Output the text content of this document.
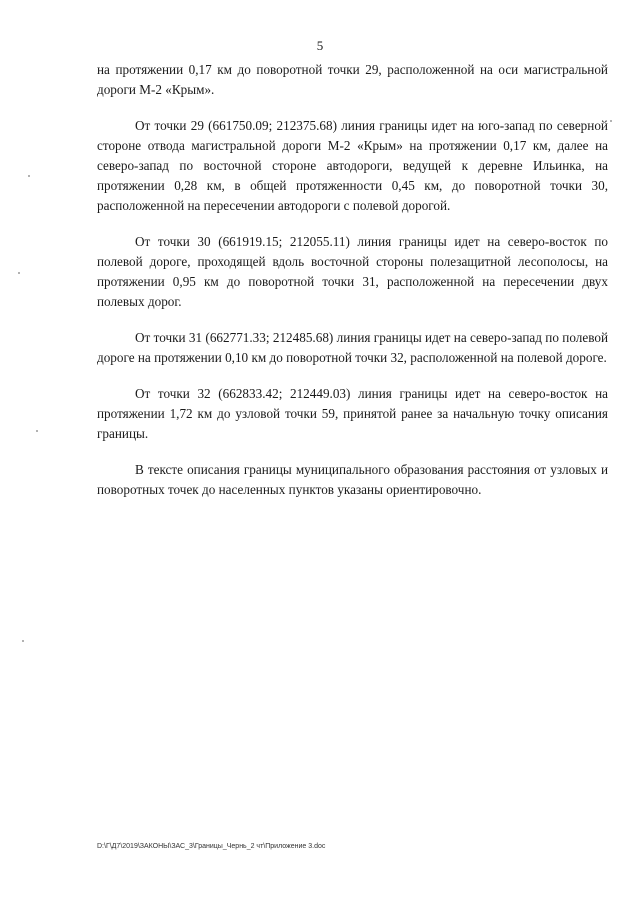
5

на протяжении 0,17 км до поворотной точки 29, расположенной на оси магистральной дороги М-2 «Крым».

От точки 29 (661750.09; 212375.68) линия границы идет на юго-запад по северной стороне отвода магистральной дороги М-2 «Крым» на протяжении 0,17 км, далее на северо-запад по восточной стороне автодороги, ведущей к деревне Ильинка, на протяжении 0,28 км, в общей протяженности 0,45 км, до поворотной точки 30, расположенной на пересечении автодороги с полевой дорогой.

От точки 30 (661919.15; 212055.11) линия границы идет на северо-восток по полевой дороге, проходящей вдоль восточной стороны полезащитной лесополосы, на протяжении 0,95 км до поворотной точки 31, расположенной на пересечении двух полевых дорог.

От точки 31 (662771.33; 212485.68) линия границы идет на северо-запад по полевой дороге на протяжении 0,10 км до поворотной точки 32, расположенной на полевой дороге.

От точки 32 (662833.42; 212449.03) линия границы идет на северо-восток на протяжении 1,72 км до узловой точки 59, принятой ранее за начальную точку описания границы.

В тексте описания границы муниципального образования расстояния от узловых и поворотных точек до населенных пунктов указаны ориентировочно.

D:\Г\Д7\2019\ЗАКОНЫ\ЗАС_3\Границы_Чернь_2 чт\Приложение 3.doc
